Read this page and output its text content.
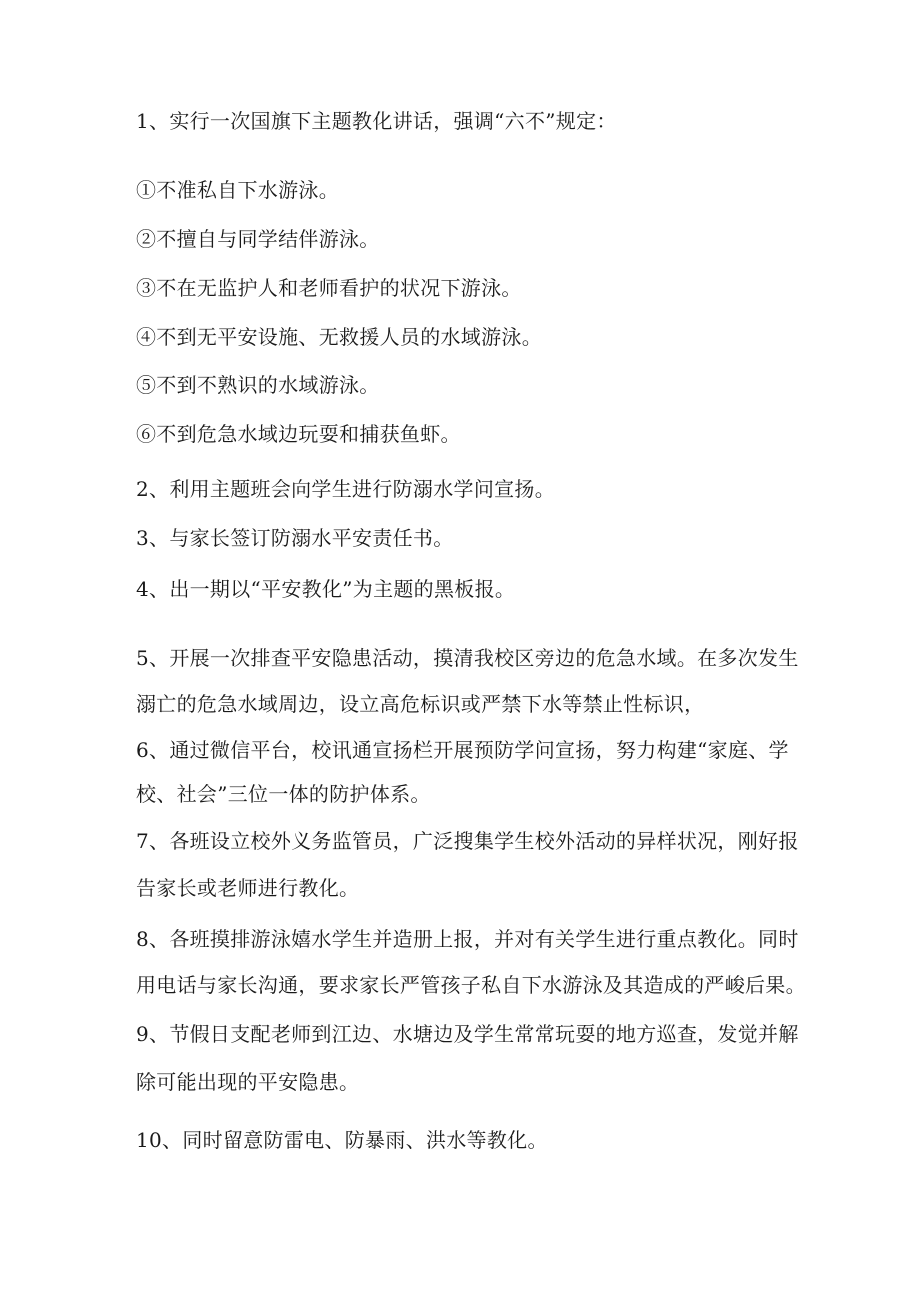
1、实行一次国旗下主题教化讲话，强调“六不”规定：

①不准私自下水游泳。

②不擅自与同学结伴游泳。

③不在无监护人和老师看护的状况下游泳。

④不到无平安设施、无救援人员的水域游泳。

⑤不到不熟识的水域游泳。

⑥不到危急水域边玩耍和捕获鱼虾。

2、利用主题班会向学生进行防溺水学问宣扬。

3、与家长签订防溺水平安责任书。

4、出一期以“平安教化”为主题的黑板报。

5、开展一次排查平安隐患活动，摸清我校区旁边的危急水域。在多次发生

溺亡的危急水域周边，设立高危标识或严禁下水等禁止性标识，

6、通过微信平台，校讯通宣扬栏开展预防学问宣扬，努力构建“家庭、学

校、社会”三位一体的防护体系。

7、各班设立校外义务监管员，广泛搜集学生校外活动的异样状况，刚好报

告家长或老师进行教化。

8、各班摸排游泳嬉水学生并造册上报，并对有关学生进行重点教化。同时

用电话与家长沟通，要求家长严管孩子私自下水游泳及其造成的严峻后果。

9、节假日支配老师到江边、水塘边及学生常常玩耍的地方巡查，发觉并解

除可能出现的平安隐患。

10、同时留意防雷电、防暴雨、洪水等教化。
